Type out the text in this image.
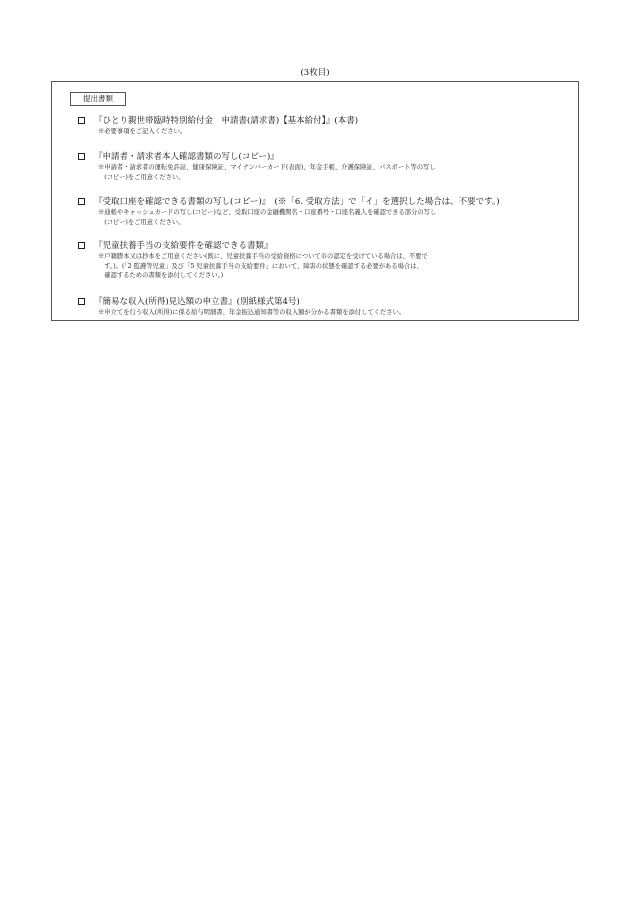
(3枚目)
提出書類
『ひとり親世帯臨時特別給付金　申請書(請求書)【基本給付】』(本書)
※必要事項をご記入ください。
『申請者・請求者本人確認書類の写し(コピー)』
※申請者・請求者の運転免許証、健康保険証、マイナンバーカード(表面)、年金手帳、介護保険証、パスポート等の写し
　(コピー)をご用意ください。
『受取口座を確認できる書類の写し(コピー)』　(※「6. 受取方法」で「イ」を選択した場合は、不要です。)
※通帳やキャッシュカードの写し(コピー)など、受取口座の金融機関名・口座番号・口座名義人を確認できる部分の写し
　(コピー)をご用意ください。
『児童扶養手当の支給要件を確認できる書類』
※戸籍謄本又は抄本をご用意ください(既に、児童扶養手当の受給資格について市の認定を受けている場合は、不要で
　す。)。(「2 監護等児童」及び「5 児童扶養手当の支給要件」において、障害の状態を確認する必要がある場合は、
　確認するための書類を添付してください。)
『簡易な収入(所得)見込額の申立書』(別紙様式第4号)
※申立てを行う収入(所得)に係る給与明細書、年金振込通知書等の収入額が分かる書類を添付してください。
